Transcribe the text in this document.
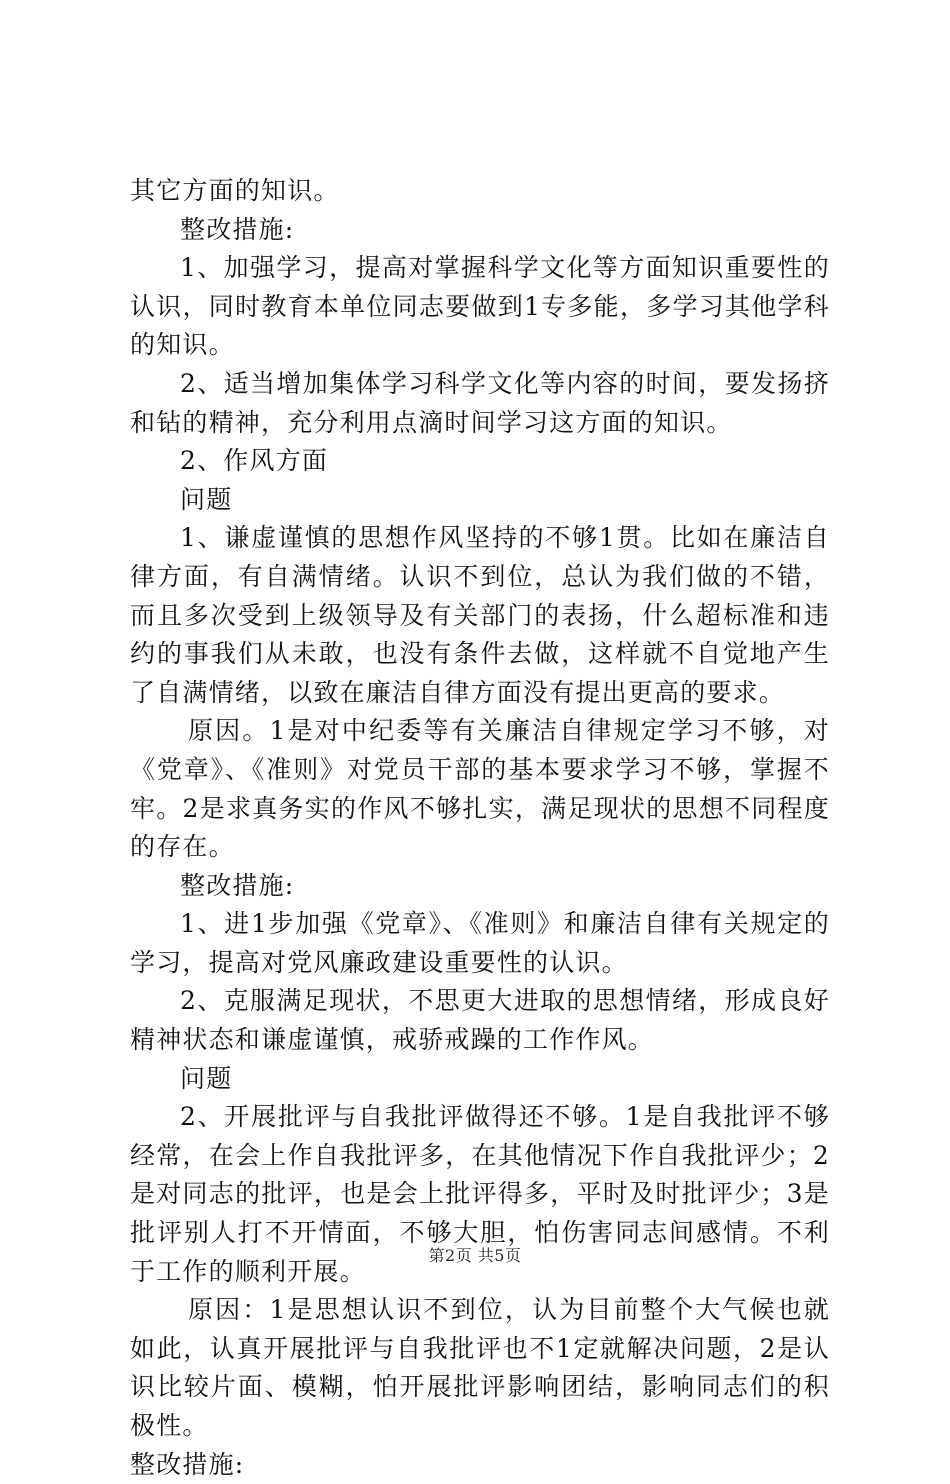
其它方面的知识。

整改措施:

1、加强学习，提高对掌握科学文化等方面知识重要性的认识，同时教育本单位同志要做到1专多能，多学习其他学科的知识。

2、适当增加集体学习科学文化等内容的时间，要发扬挤和钻的精神，充分利用点滴时间学习这方面的知识。

2、作风方面

问题

1、谦虚谨慎的思想作风坚持的不够1贯。比如在廉洁自律方面，有自满情绪。认识不到位，总认为我们做的不错，而且多次受到上级领导及有关部门的表扬，什么超标准和违约的事我们从未敢，也没有条件去做，这样就不自觉地产生了自满情绪，以致在廉洁自律方面没有提出更高的要求。

原因。1是对中纪委等有关廉洁自律规定学习不够，对《党章》、《准则》对党员干部的基本要求学习不够，掌握不牢。2是求真务实的作风不够扎实，满足现状的思想不同程度的存在。

整改措施:

1、进1步加强《党章》、《准则》和廉洁自律有关规定的学习，提高对党风廉政建设重要性的认识。

2、克服满足现状，不思更大进取的思想情绪，形成良好精神状态和谦虚谨慎，戒骄戒躁的工作作风。

问题

2、开展批评与自我批评做得还不够。1是自我批评不够经常，在会上作自我批评多，在其他情况下作自我批评少；2是对同志的批评，也是会上批评得多，平时及时批评少；3是批评别人打不开情面，不够大胆，怕伤害同志间感情。不利于工作的顺利开展。

原因：1是思想认识不到位，认为目前整个大气候也就如此，认真开展批评与自我批评也不1定就解决问题，2是认识比较片面、模糊，怕开展批评影响团结，影响同志们的积极性。

整改措施:

第2页 共5页
